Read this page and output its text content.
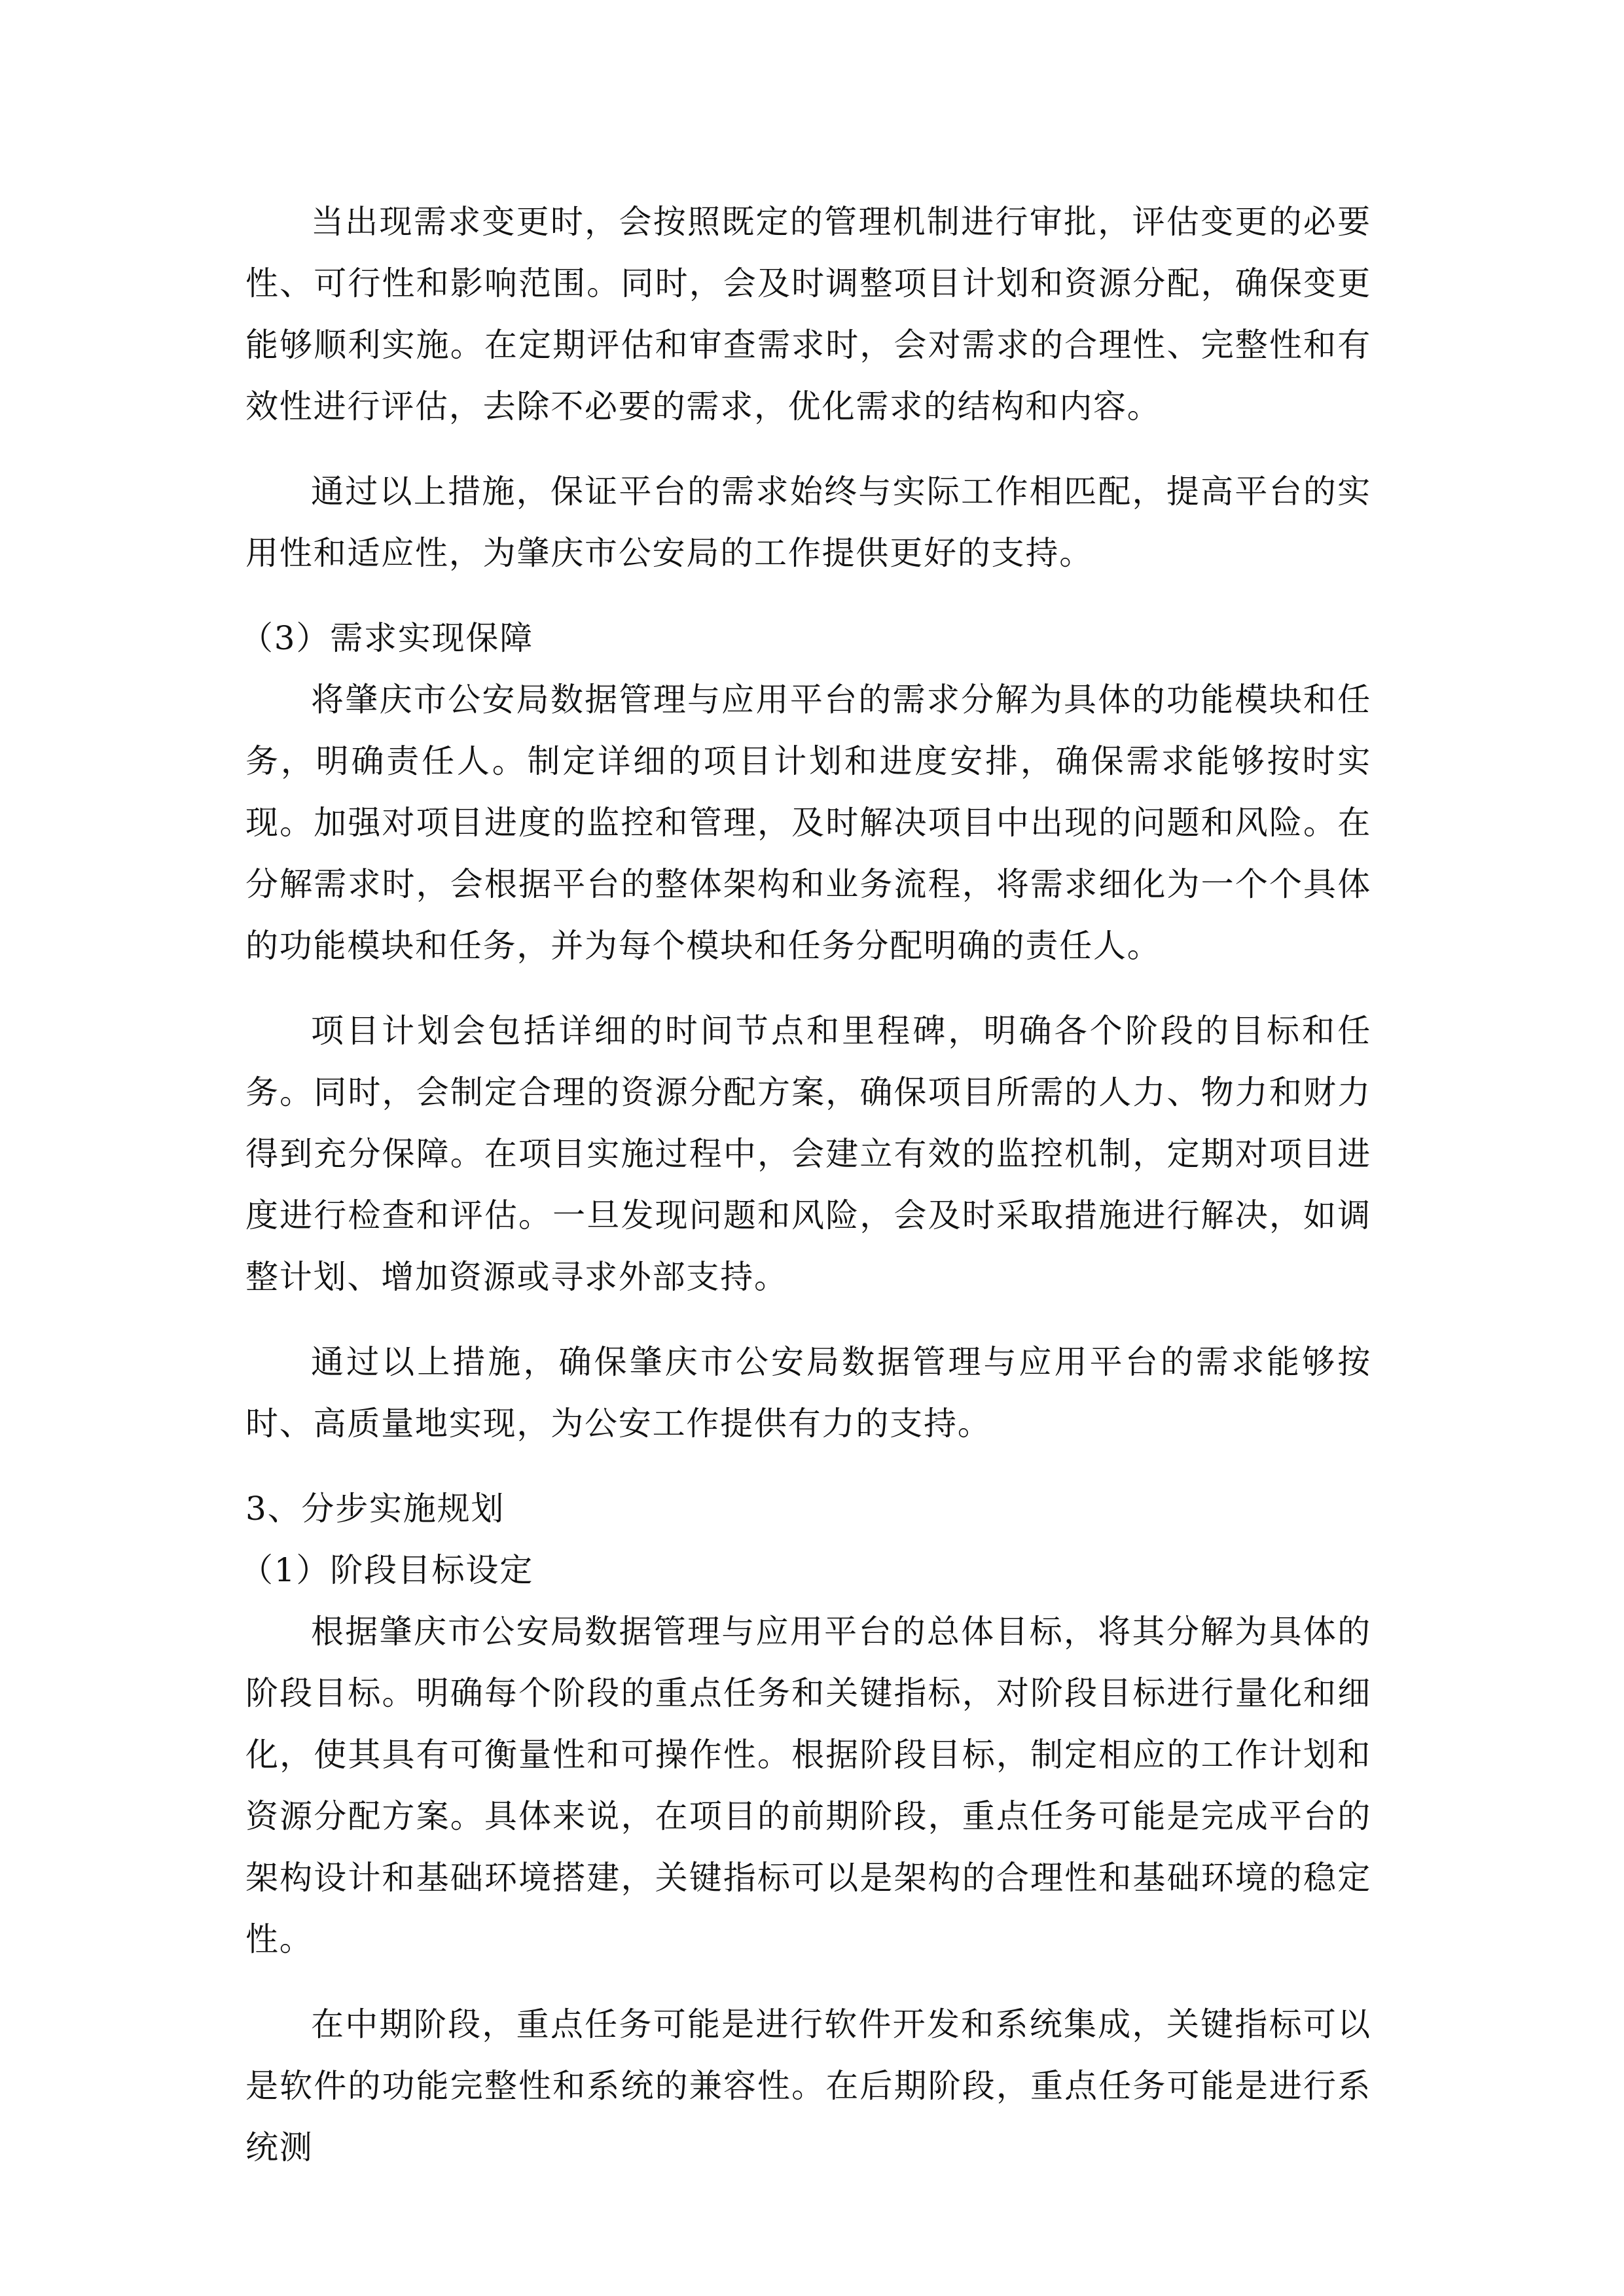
当出现需求变更时，会按照既定的管理机制进行审批，评估变更的必要性、可行性和影响范围。同时，会及时调整项目计划和资源分配，确保变更能够顺利实施。在定期评估和审查需求时，会对需求的合理性、完整性和有效性进行评估，去除不必要的需求，优化需求的结构和内容。

通过以上措施，保证平台的需求始终与实际工作相匹配，提高平台的实用性和适应性，为肇庆市公安局的工作提供更好的支持。

（3）需求实现保障

将肇庆市公安局数据管理与应用平台的需求分解为具体的功能模块和任务，明确责任人。制定详细的项目计划和进度安排，确保需求能够按时实现。加强对项目进度的监控和管理，及时解决项目中出现的问题和风险。在分解需求时，会根据平台的整体架构和业务流程，将需求细化为一个个具体的功能模块和任务，并为每个模块和任务分配明确的责任人。

项目计划会包括详细的时间节点和里程碑，明确各个阶段的目标和任务。同时，会制定合理的资源分配方案，确保项目所需的人力、物力和财力得到充分保障。在项目实施过程中，会建立有效的监控机制，定期对项目进度进行检查和评估。一旦发现问题和风险，会及时采取措施进行解决，如调整计划、增加资源或寻求外部支持。

通过以上措施，确保肇庆市公安局数据管理与应用平台的需求能够按时、高质量地实现，为公安工作提供有力的支持。

3、分步实施规划

（1）阶段目标设定

根据肇庆市公安局数据管理与应用平台的总体目标，将其分解为具体的阶段目标。明确每个阶段的重点任务和关键指标，对阶段目标进行量化和细化，使其具有可衡量性和可操作性。根据阶段目标，制定相应的工作计划和资源分配方案。具体来说，在项目的前期阶段，重点任务可能是完成平台的架构设计和基础环境搭建，关键指标可以是架构的合理性和基础环境的稳定性。

在中期阶段，重点任务可能是进行软件开发和系统集成，关键指标可以是软件的功能完整性和系统的兼容性。在后期阶段，重点任务可能是进行系统测
